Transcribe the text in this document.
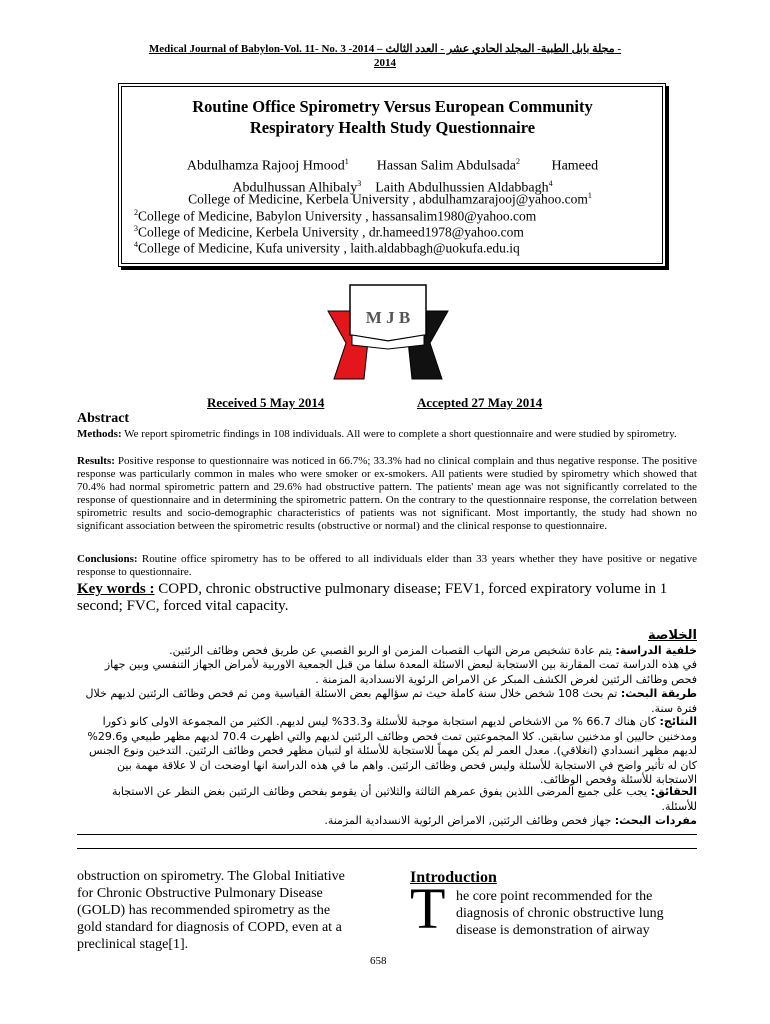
Medical Journal of Babylon-Vol. 11- No. 3 -2014 – مجلة بابل الطبية- المجلد الحادي عشر - العدد الثالث -
2014
Routine Office Spirometry Versus European Community
Respiratory Health Study Questionnaire
Abdulhamza Rajooj Hmood$^1$ Hassan Salim Abdulsada$^2$ Hameed
Abdulhussan Alhibaly$^3$ Laith Abdulhussien Aldabbagh$^4$
College of Medicine, Kerbela University , abdulhamzarajooj@yahoo.com$^1$
$^2$College of Medicine, Babylon University , hassansalim1980@yahoo.com
$^3$College of Medicine, Kerbela University , dr.hameed1978@yahoo.com
$^4$College of Medicine, Kufa university , laith.aldabbagh@uokufa.edu.iq
M J B
Received 5 May 2014	Accepted 27 May 2014
Abstract
Methods: We report spirometric findings in 108 individuals. All were to complete a short questionnaire and were studied by spirometry.
Results: Positive response to questionnaire was noticed in 66.7%; 33.3% had no clinical complain and thus negative response. The positive response was particularly common in males who were smoker or ex-smokers. All patients were studied by spirometry which showed that 70.4% had normal spirometric pattern and 29.6% had obstructive pattern. The patients' mean age was not significantly correlated to the response of questionnaire and in determining the spirometric pattern. On the contrary to the questionnaire response, the correlation between spirometric results and socio-demographic characteristics of patients was not significant. Most importantly, the study had shown no significant association between the spirometric results (obstructive or normal) and the clinical response to questionnaire.
Conclusions: Routine office spirometry has to be offered to all individuals elder than 33 years whether they have positive or negative response to questionnaire.
Key words : COPD, chronic obstructive pulmonary disease; FEV1, forced expiratory volume in 1 second; FVC, forced vital capacity.
الخلاصة
خلفية الدراسة: يتم عادة تشخيص مرض التهاب القصبات المزمن او الربو القصبي عن طريق فحص وظائف الرئتين.
في هذه الدراسة تمت المقارنة بين الاستجابة لبعض الاسئلة المعدة سلفا من قبل الجمعية الاوربية لأمراض الجهاز التنفسي وبين جهاز فحص وظائف الرئتين لغرض الكشف المبكر عن الامراض الرئوية الانسدادية المزمنة .
طريقة البحث: تم بحث 108 شخص خلال سنة كاملة حيث تم سؤالهم بعض الاسئلة القياسية ومن ثم فحص وظائف الرئتين لديهم خلال فترة سنة.
النتائج: كان هناك 66.7 % من الاشخاص لديهم استجابة موجبة للأسئلة و33.3% ليس لديهم. الكثير من المجموعة الاولى كانو ذكورا ومدخنين حاليين او مدخنين سابقين. كلا المجموعتين تمت فحص وظائف الرئتين لديهم والتي اظهرت 70.4 لديهم مظهر طبيعي و29.6% لديهم مظهر انسدادي (انغلاقي). معدل العمر لم يكن مهماً للاستجابة للأسئلة او لتبيان مظهر فحص وظائف الرئتين. التدخين ونوع الجنس كان له تأثير واضح في الاستجابة للأسئلة وليس فحص وظائف الرئتين. واهم ما في هذه الدراسة انها اوضحت ان لا علاقة مهمة بين الاستجابة للأسئلة وفحص الوظائف.
الحقائق: يجب على جميع المرضى اللذين يفوق عمرهم الثالثة والثلاثين أن يقومو بفحص وظائف الرئتين بغض النظر عن الاستجابة للأسئلة.
مفردات البحث: جهاز فحص وظائف الرئتين, الامراض الرئوية الانسدادية المزمنة.
obstruction on spirometry. The Global Initiative for Chronic Obstructive Pulmonary Disease (GOLD) has recommended spirometry as the gold standard for diagnosis of COPD, even at a preclinical stage[1].
Introduction
T he core point recommended for the diagnosis of chronic obstructive lung disease is demonstration of airway
658
